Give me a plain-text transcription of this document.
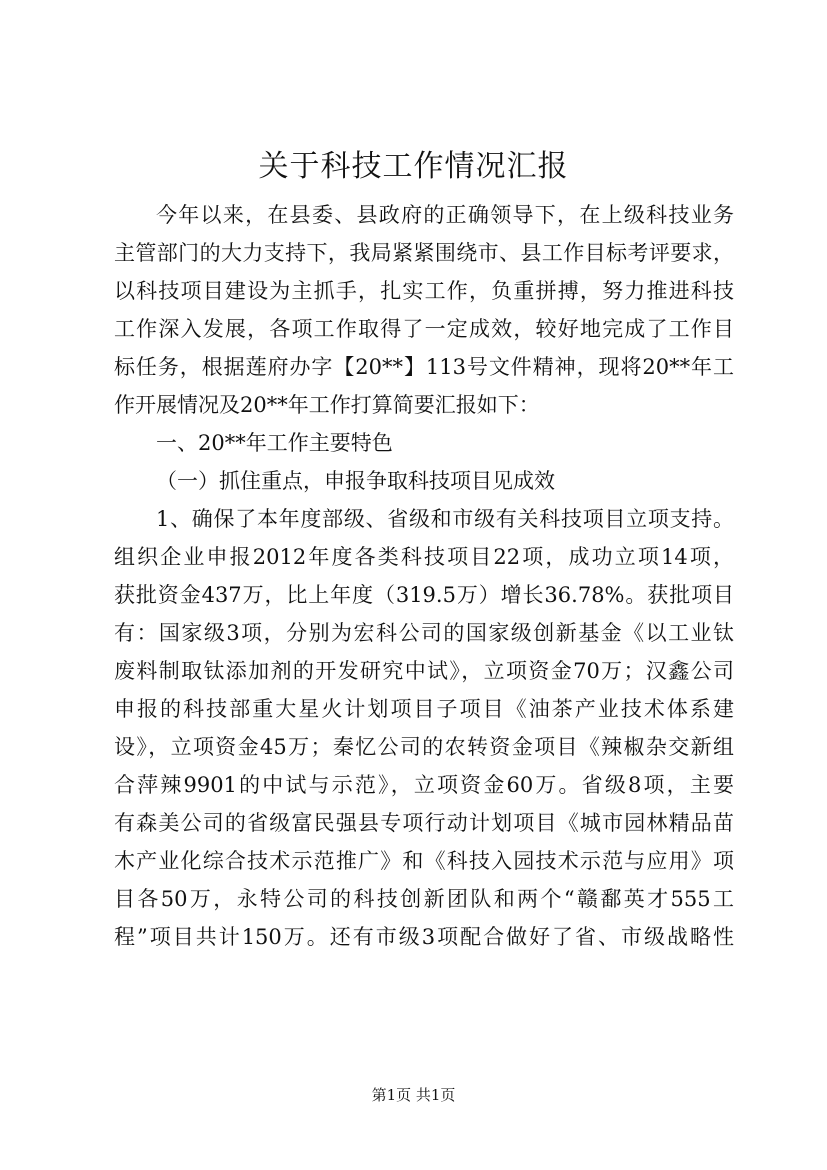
关于科技工作情况汇报
今年以来，在县委、县政府的正确领导下，在上级科技业务
主管部门的大力支持下，我局紧紧围绕市、县工作目标考评要求，
以科技项目建设为主抓手，扎实工作，负重拼搏，努力推进科技
工作深入发展，各项工作取得了一定成效，较好地完成了工作目
标任务，根据莲府办字【20**】113号文件精神，现将20**年工
作开展情况及20**年工作打算简要汇报如下：
一、20**年工作主要特色
（一）抓住重点，申报争取科技项目见成效
1、确保了本年度部级、省级和市级有关科技项目立项支持。
组织企业申报2012年度各类科技项目22项，成功立项14项，
获批资金437万，比上年度（319.5万）增长36.78%。获批项目
有：国家级3项，分别为宏科公司的国家级创新基金《以工业钛
废料制取钛添加剂的开发研究中试》，立项资金70万；汉鑫公司
申报的科技部重大星火计划项目子项目《油茶产业技术体系建
设》，立项资金45万；秦忆公司的农转资金项目《辣椒杂交新组
合萍辣9901的中试与示范》，立项资金60万。省级8项，主要
有森美公司的省级富民强县专项行动计划项目《城市园林精品苗
木产业化综合技术示范推广》和《科技入园技术示范与应用》项
目各50万，永特公司的科技创新团队和两个“赣鄱英才555工
程”项目共计150万。还有市级3项配合做好了省、市级战略性
第1页 共1页
